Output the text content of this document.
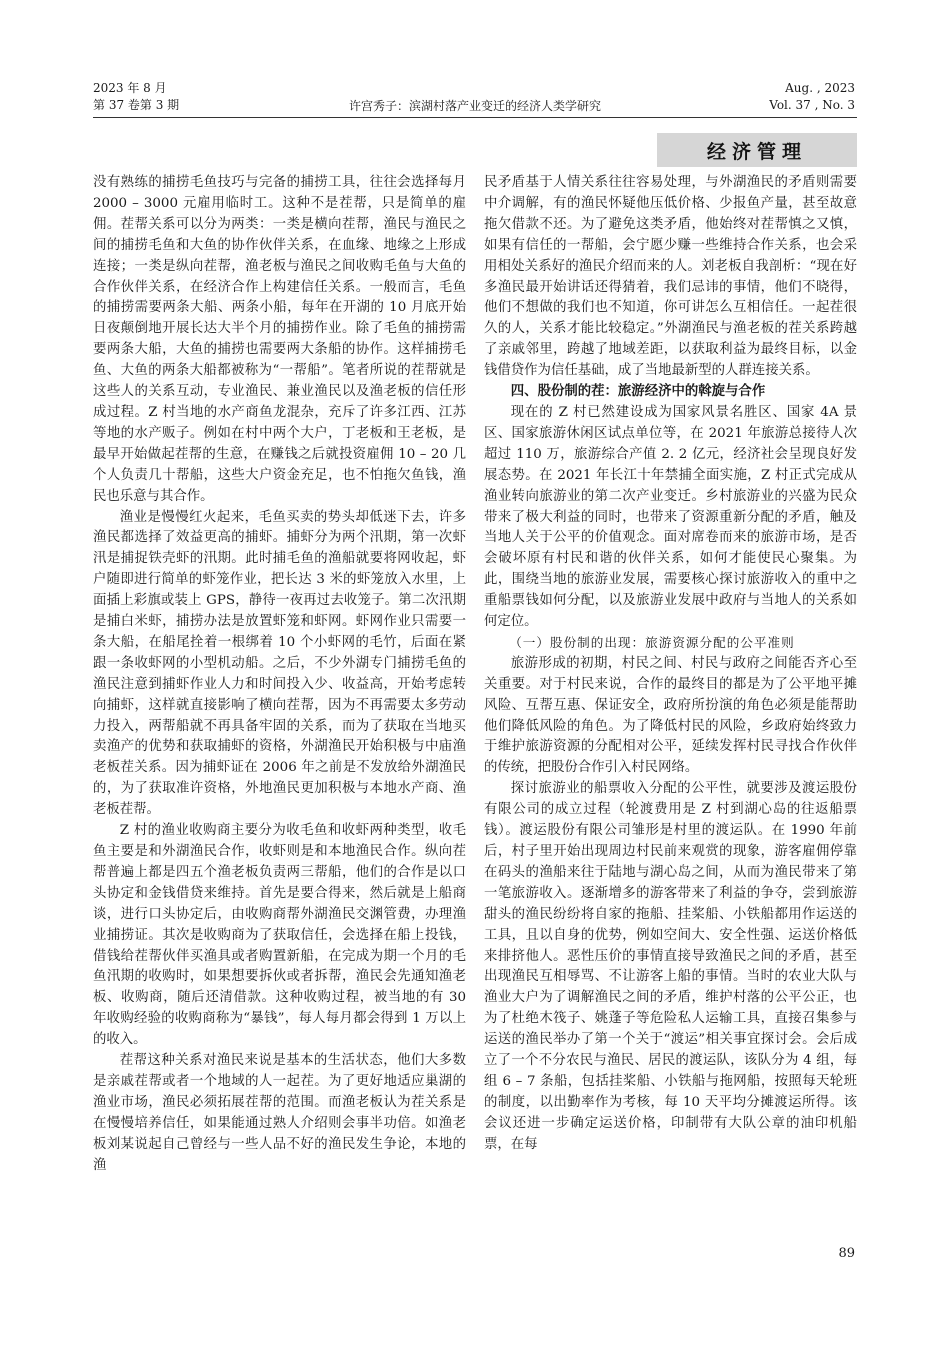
2023 年 8 月
第 37 卷第 3 期	许宫秀子：滨湖村落产业变迁的经济人类学研究
Aug. , 2023
Vol. 37 , No. 3
经济管理

没有熟练的捕捞毛鱼技巧与完备的捕捞工具，往往会选择每月 2000 – 3000 元雇用临时工。这种不是茬帮，只是简单的雇佣。茬帮关系可以分为两类：一类是横向茬帮，渔民与渔民之间的捕捞毛鱼和大鱼的协作伙伴关系，在血缘、地缘之上形成连接；一类是纵向茬帮，渔老板与渔民之间收购毛鱼与大鱼的合作伙伴关系，在经济合作上构建信任关系。一般而言，毛鱼的捕捞需要两条大船、两条小船，每年在开湖的 10 月底开始日夜颠倒地开展长达大半个月的捕捞作业。除了毛鱼的捕捞需要两条大船，大鱼的捕捞也需要两大条船的协作。这样捕捞毛鱼、大鱼的两条大船都被称为“一帮船”。笔者所说的茬帮就是这些人的关系互动，专业渔民、兼业渔民以及渔老板的信任形成过程。Z 村当地的水产商鱼龙混杂，充斥了许多江西、江苏等地的水产贩子。例如在村中两个大户，丁老板和王老板，是最早开始做起茬帮的生意，在赚钱之后就投资雇佣 10 – 20 几个人负责几十帮船，这些大户资金充足，也不怕拖欠鱼钱，渔民也乐意与其合作。

渔业是慢慢红火起来，毛鱼买卖的势头却低迷下去，许多渔民都选择了效益更高的捕虾。捕虾分为两个汛期，第一次虾汛是捕捉铁壳虾的汛期。此时捕毛鱼的渔船就要将网收起，虾户随即进行简单的虾笼作业，把长达 3 米的虾笼放入水里，上面插上彩旗或装上 GPS，静待一夜再过去收笼子。第二次汛期是捕白米虾，捕捞办法是放置虾笼和虾网。虾网作业只需要一条大船，在船尾拴着一根绑着 10 个小虾网的毛竹，后面在紧跟一条收虾网的小型机动船。之后，不少外湖专门捕捞毛鱼的渔民注意到捕虾作业人力和时间投入少、收益高，开始考虑转向捕虾，这样就直接影响了横向茬帮，因为不再需要太多劳动力投入，两帮船就不再具备牢固的关系，而为了获取在当地买卖渔产的优势和获取捕虾的资格，外湖渔民开始积极与中庙渔老板茬关系。因为捕虾证在 2006 年之前是不发放给外湖渔民的，为了获取准许资格，外地渔民更加积极与本地水产商、渔老板茬帮。

Z 村的渔业收购商主要分为收毛鱼和收虾两种类型，收毛鱼主要是和外湖渔民合作，收虾则是和本地渔民合作。纵向茬帮普遍上都是四五个渔老板负责两三帮船，他们的合作是以口头协定和金钱借贷来维持。首先是要合得来，然后就是上船商谈，进行口头协定后，由收购商帮外湖渔民交渊管费，办理渔业捕捞证。其次是收购商为了获取信任，会选择在船上投钱，借钱给茬帮伙伴买渔具或者购置新船，在完成为期一个月的毛鱼汛期的收购时，如果想要拆伙或者拆帮，渔民会先通知渔老板、收购商，随后还清借款。这种收购过程，被当地的有 30 年收购经验的收购商称为“暴钱”，每人每月都会得到 1 万以上的收入。

茬帮这种关系对渔民来说是基本的生活状态，他们大多数是亲戚茬帮或者一个地域的人一起茬。为了更好地适应巢湖的渔业市场，渔民必须拓展茬帮的范围。而渔老板认为茬关系是在慢慢培养信任，如果能通过熟人介绍则会事半功倍。如渔老板刘某说起自己曾经与一些人品不好的渔民发生争论，本地的渔

民矛盾基于人情关系往往容易处理，与外湖渔民的矛盾则需要中介调解，有的渔民怀疑他压低价格、少报鱼产量，甚至故意拖欠借款不还。为了避免这类矛盾，他始终对茬帮慎之又慎，如果有信任的一帮船，会宁愿少赚一些维持合作关系，也会采用相处关系好的渔民介绍而来的人。刘老板自我剖析：“现在好多渔民最开始讲话还得猜着，我们忌讳的事情，他们不晓得，他们不想做的我们也不知道，你可讲怎么互相信任。一起茬很久的人，关系才能比较稳定。”外湖渔民与渔老板的茬关系跨越了亲戚邻里，跨越了地域差距，以获取利益为最终目标，以金钱借贷作为信任基础，成了当地最新型的人群连接关系。

四、股份制的茬：旅游经济中的斡旋与合作

现在的 Z 村已然建设成为国家风景名胜区、国家 4A 景区、国家旅游休闲区试点单位等，在 2021 年旅游总接待人次超过 110 万，旅游综合产值 2. 2 亿元，经济社会呈现良好发展态势。在 2021 年长江十年禁捕全面实施，Z 村正式完成从渔业转向旅游业的第二次产业变迁。乡村旅游业的兴盛为民众带来了极大利益的同时，也带来了资源重新分配的矛盾，触及当地人关于公平的价值观念。面对席卷而来的旅游市场，是否会破坏原有村民和谐的伙伴关系，如何才能使民心聚集。为此，围绕当地的旅游业发展，需要核心探讨旅游收入的重中之重船票钱如何分配，以及旅游业发展中政府与当地人的关系如何定位。

（一）股份制的出现：旅游资源分配的公平准则

旅游形成的初期，村民之间、村民与政府之间能否齐心至关重要。对于村民来说，合作的最终目的都是为了公平地平摊风险、互帮互惠、保证安全，政府所扮演的角色必须是能帮助他们降低风险的角色。为了降低村民的风险，乡政府始终致力于维护旅游资源的分配相对公平，延续发挥村民寻找合作伙伴的传统，把股份合作引入村民网络。

探讨旅游业的船票收入分配的公平性，就要涉及渡运股份有限公司的成立过程（轮渡费用是 Z 村到湖心岛的往返船票钱）。渡运股份有限公司雏形是村里的渡运队。在 1990 年前后，村子里开始出现周边村民前来观赏的现象，游客雇佣停靠在码头的渔船来往于陆地与湖心岛之间，从而为渔民带来了第一笔旅游收入。逐渐增多的游客带来了利益的争夺，尝到旅游甜头的渔民纷纷将自家的拖船、挂桨船、小铁船都用作运送的工具，且以自身的优势，例如空间大、安全性强、运送价格低来排挤他人。恶性压价的事情直接导致渔民之间的矛盾，甚至出现渔民互相辱骂、不让游客上船的事情。当时的农业大队与渔业大户为了调解渔民之间的矛盾，维护村落的公平公正，也为了杜绝木筏子、姚蓬子等危险私人运输工具，直接召集参与运送的渔民举办了第一个关于“渡运”相关事宜探讨会。会后成立了一个不分农民与渔民、居民的渡运队，该队分为 4 组，每组 6 – 7 条船，包括挂桨船、小铁船与拖网船，按照每天轮班的制度，以出勤率作为考核，每 10 天平均分摊渡运所得。该会议还进一步确定运送价格，印制带有大队公章的油印机船票，在每

89
